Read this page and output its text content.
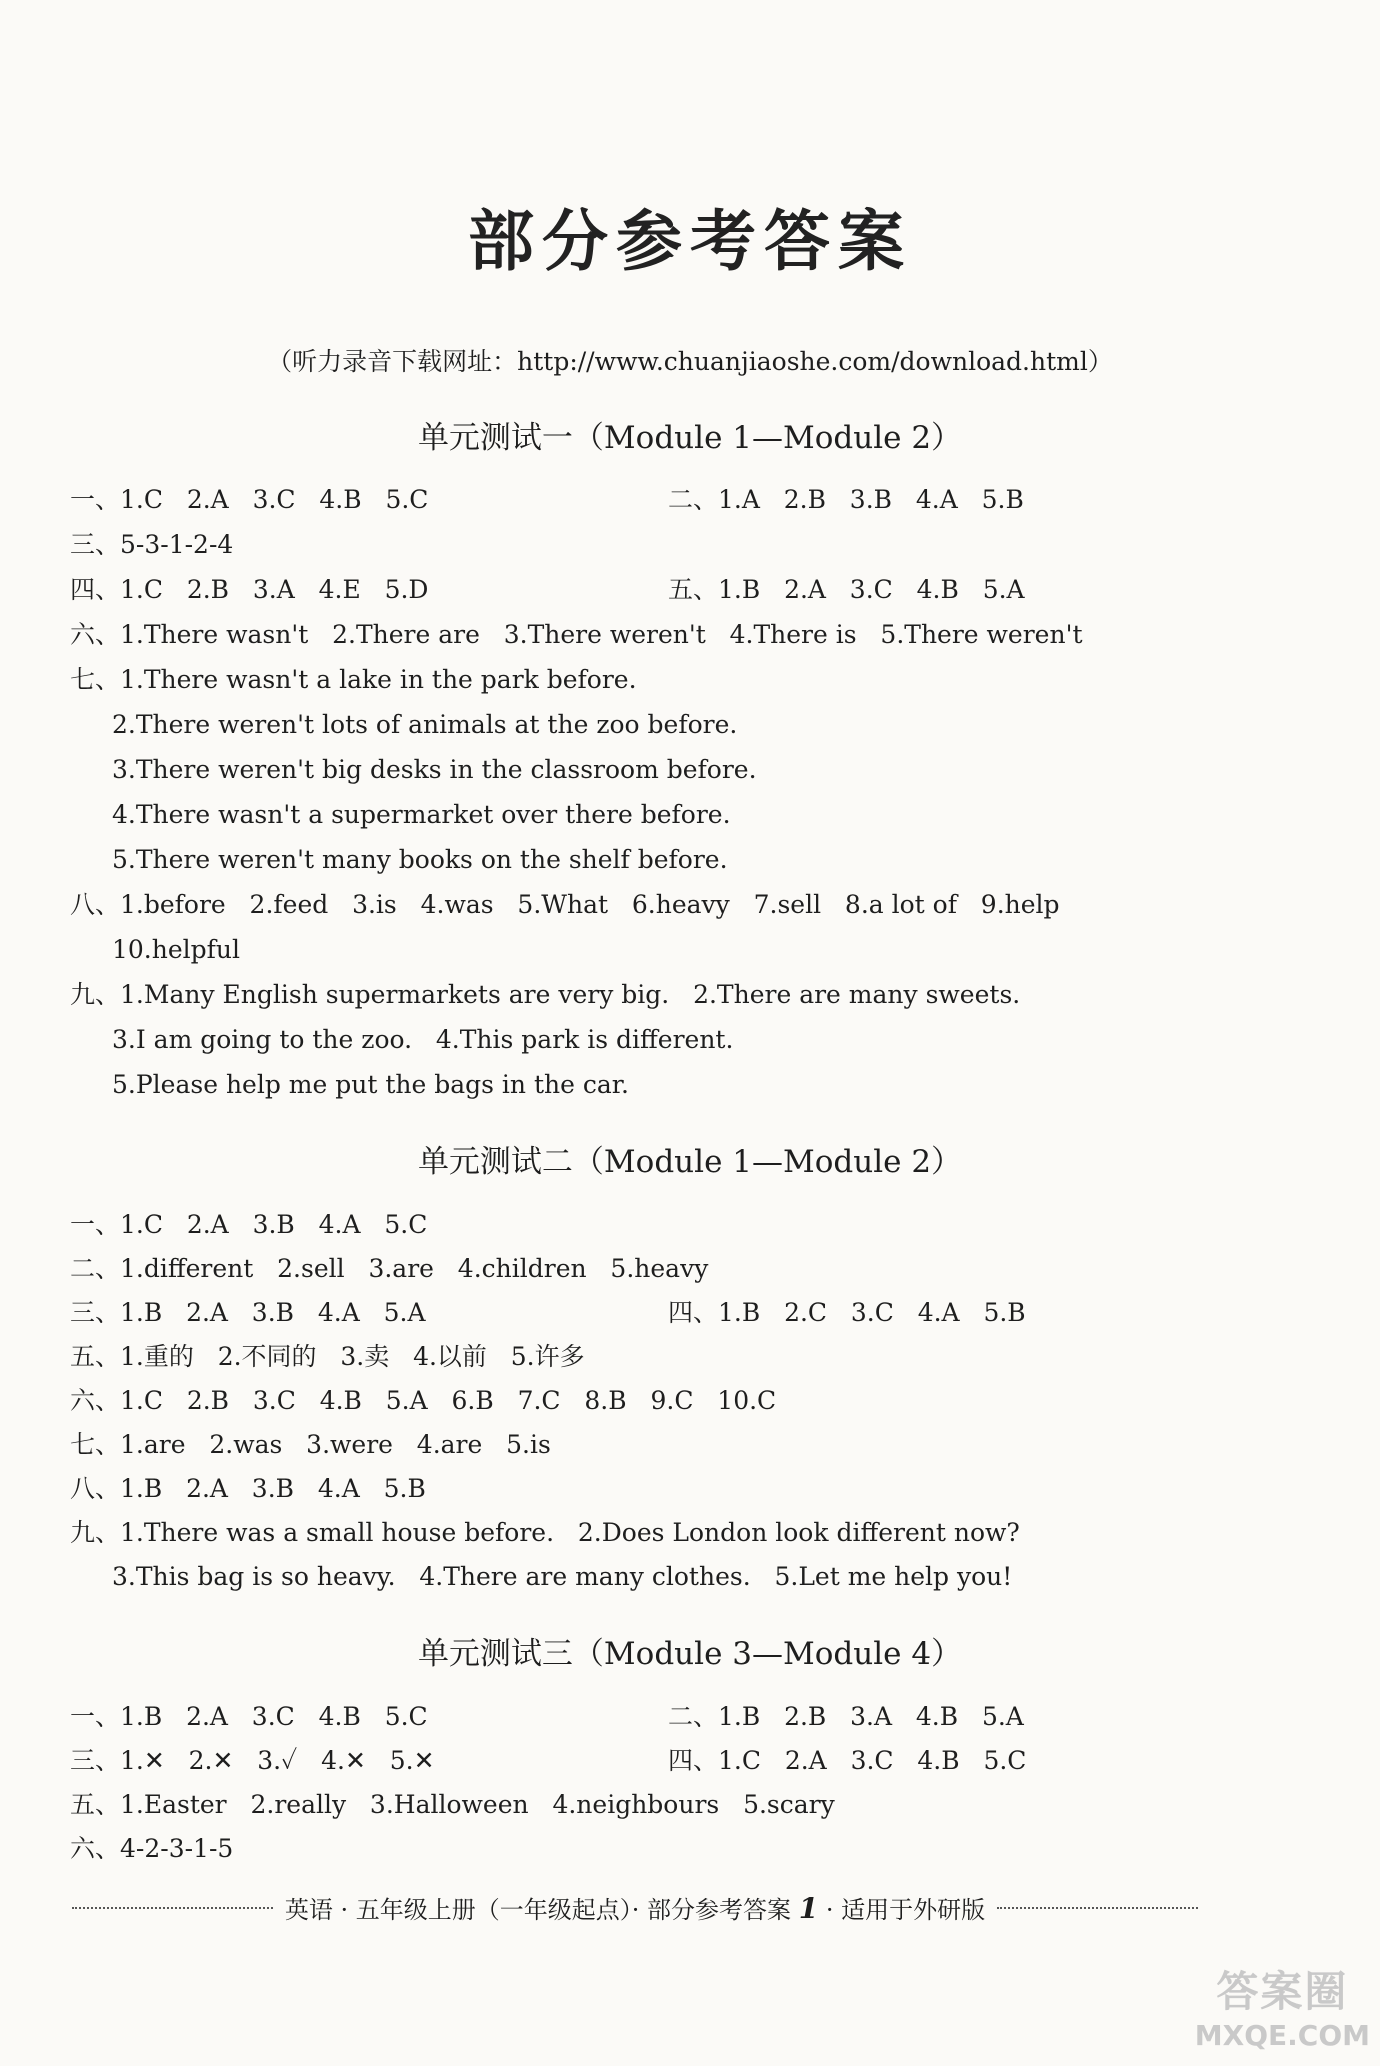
部分参考答案
（听力录音下载网址：http://www.chuanjiaoshe.com/download.html）
单元测试一（Module 1—Module 2）
一、1.C   2.A   3.C   4.B   5.C	二、1.A   2.B   3.B   4.A   5.B
三、5-3-1-2-4
四、1.C   2.B   3.A   4.E   5.D	五、1.B   2.A   3.C   4.B   5.A
六、1.There wasn't   2.There are   3.There weren't   4.There is   5.There weren't
七、1.There wasn't a lake in the park before.
2.There weren't lots of animals at the zoo before.
3.There weren't big desks in the classroom before.
4.There wasn't a supermarket over there before.
5.There weren't many books on the shelf before.
八、1.before   2.feed   3.is   4.was   5.What   6.heavy   7.sell   8.a lot of   9.help
10.helpful
九、1.Many English supermarkets are very big.   2.There are many sweets.
3.I am going to the zoo.   4.This park is different.
5.Please help me put the bags in the car.
单元测试二（Module 1—Module 2）
一、1.C   2.A   3.B   4.A   5.C
二、1.different   2.sell   3.are   4.children   5.heavy
三、1.B   2.A   3.B   4.A   5.A	四、1.B   2.C   3.C   4.A   5.B
五、1.重的   2.不同的   3.卖   4.以前   5.许多
六、1.C   2.B   3.C   4.B   5.A   6.B   7.C   8.B   9.C   10.C
七、1.are   2.was   3.were   4.are   5.is
八、1.B   2.A   3.B   4.A   5.B
九、1.There was a small house before.   2.Does London look different now?
3.This bag is so heavy.   4.There are many clothes.   5.Let me help you!
单元测试三（Module 3—Module 4）
一、1.B   2.A   3.C   4.B   5.C	二、1.B   2.B   3.A   4.B   5.A
三、1.✕   2.✕   3.✓   4.✕   5.✕	四、1.C   2.A   3.C   4.B   5.C
五、1.Easter   2.really   3.Halloween   4.neighbours   5.scary
六、4-2-3-1-5
英语 · 五年级上册（一年级起点）· 部分参考答案 1 · 适用于外研版
答案圈
MXQE.COM
